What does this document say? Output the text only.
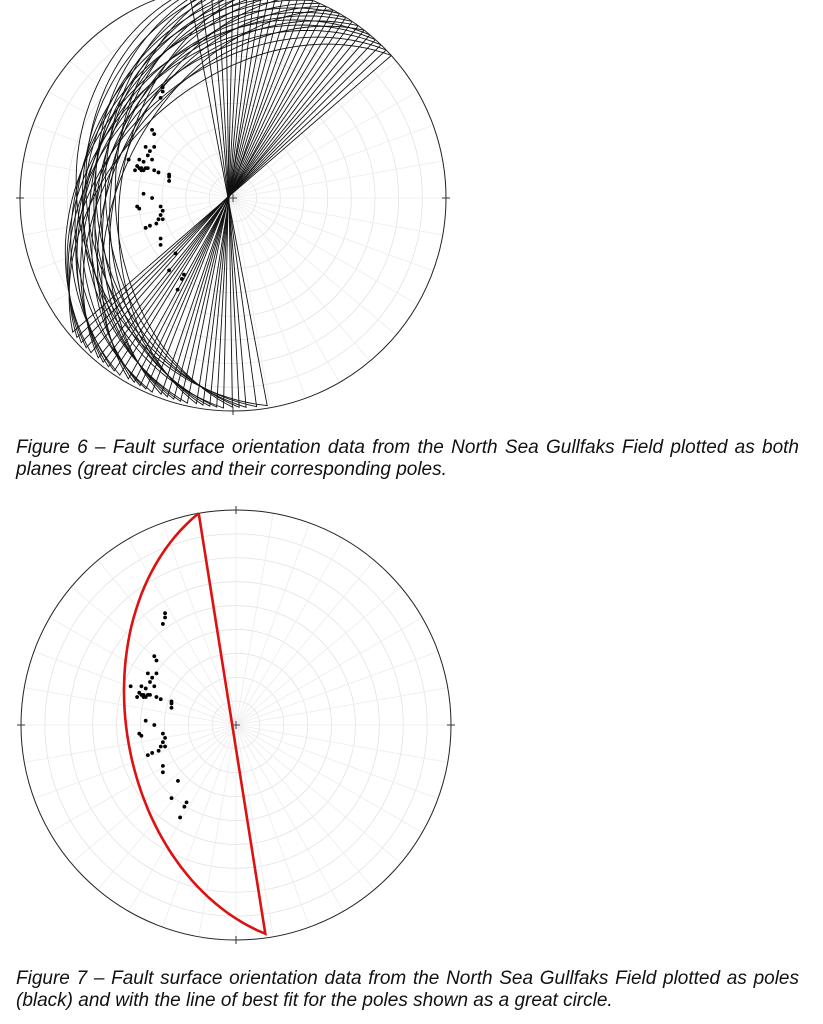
Figure 6 – Fault surface orientation data from the North Sea Gullfaks Field plotted as both planes (great circles and their corresponding poles.

Figure 7 – Fault surface orientation data from the North Sea Gullfaks Field plotted as poles (black) and with the line of best fit for the poles shown as a great circle.
